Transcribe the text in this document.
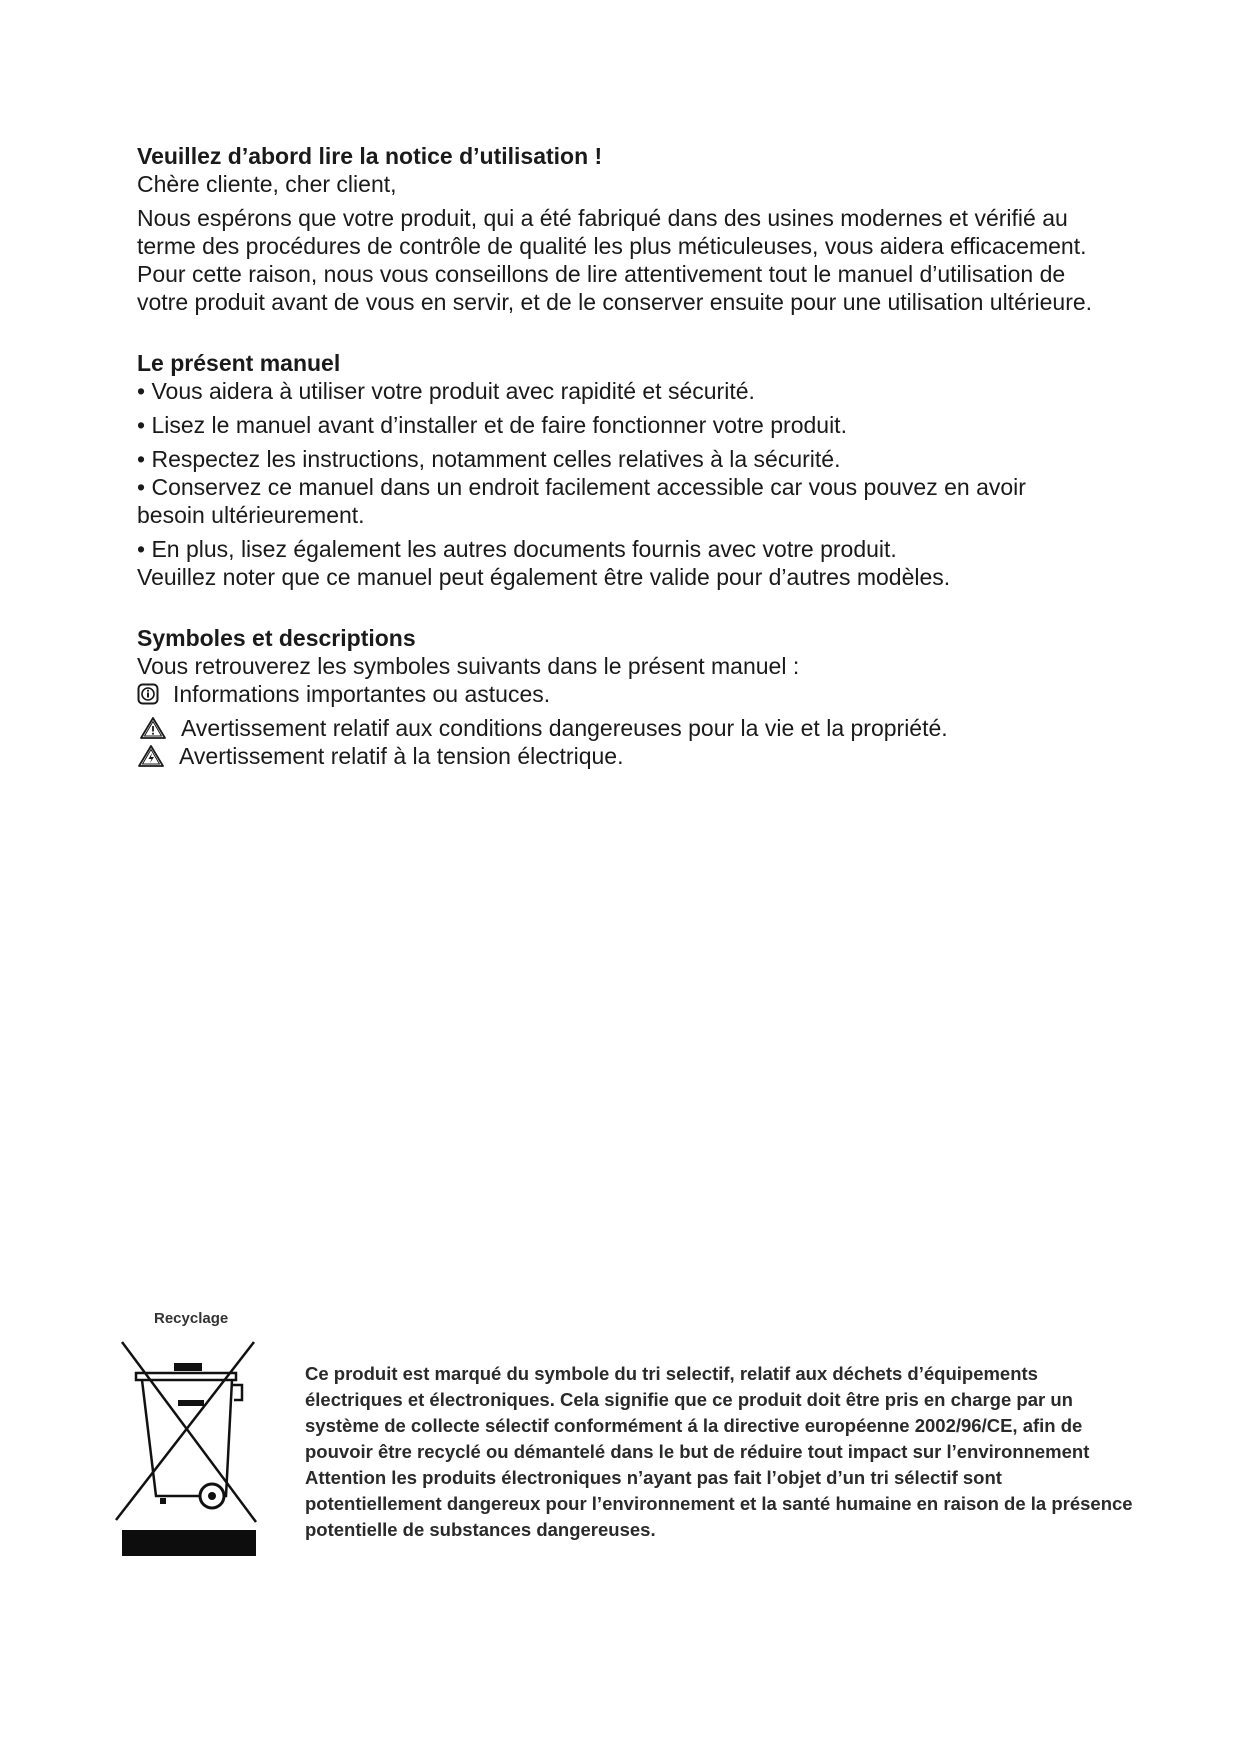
Veuillez d’abord lire la notice d’utilisation !

Chère cliente, cher client,

Nous espérons que votre produit, qui a été fabriqué dans des usines modernes et vérifié au terme des procédures de contrôle de qualité les plus méticuleuses, vous aidera efficacement.

Pour cette raison, nous vous conseillons de lire attentivement tout le manuel d’utilisation de votre produit avant de vous en servir, et de le conserver ensuite pour une utilisation ultérieure.

Le présent manuel

• Vous aidera à utiliser votre produit avec rapidité et sécurité.

• Lisez le manuel avant d’installer et de faire fonctionner votre produit.

• Respectez les instructions, notamment celles relatives à la sécurité.

• Conservez ce manuel dans un endroit facilement accessible car vous pouvez en avoir besoin ultérieurement.

• En plus, lisez également les autres documents fournis avec votre produit.

Veuillez noter que ce manuel peut également être valide pour d’autres modèles.

Symboles et descriptions

Vous retrouverez les symboles suivants dans le présent manuel :

Informations importantes ou astuces.
Avertissement relatif aux conditions dangereuses pour la vie et la propriété.
Avertissement relatif à la tension électrique.
Recyclage
Ce produit est marqué du symbole du tri selectif, relatif aux déchets d’équipements électriques et électroniques. Cela signifie que ce produit doit être pris en charge par un système de collecte sélectif conformément á la directive européenne 2002/96/CE, afin de pouvoir être recyclé ou démantelé dans le but de réduire tout impact sur l’environnement Attention les produits électroniques n’ayant pas fait l’objet d’un tri sélectif sont potentiellement dangereux pour l’environnement et la santé humaine en raison de la présence potentielle de substances dangereuses.
